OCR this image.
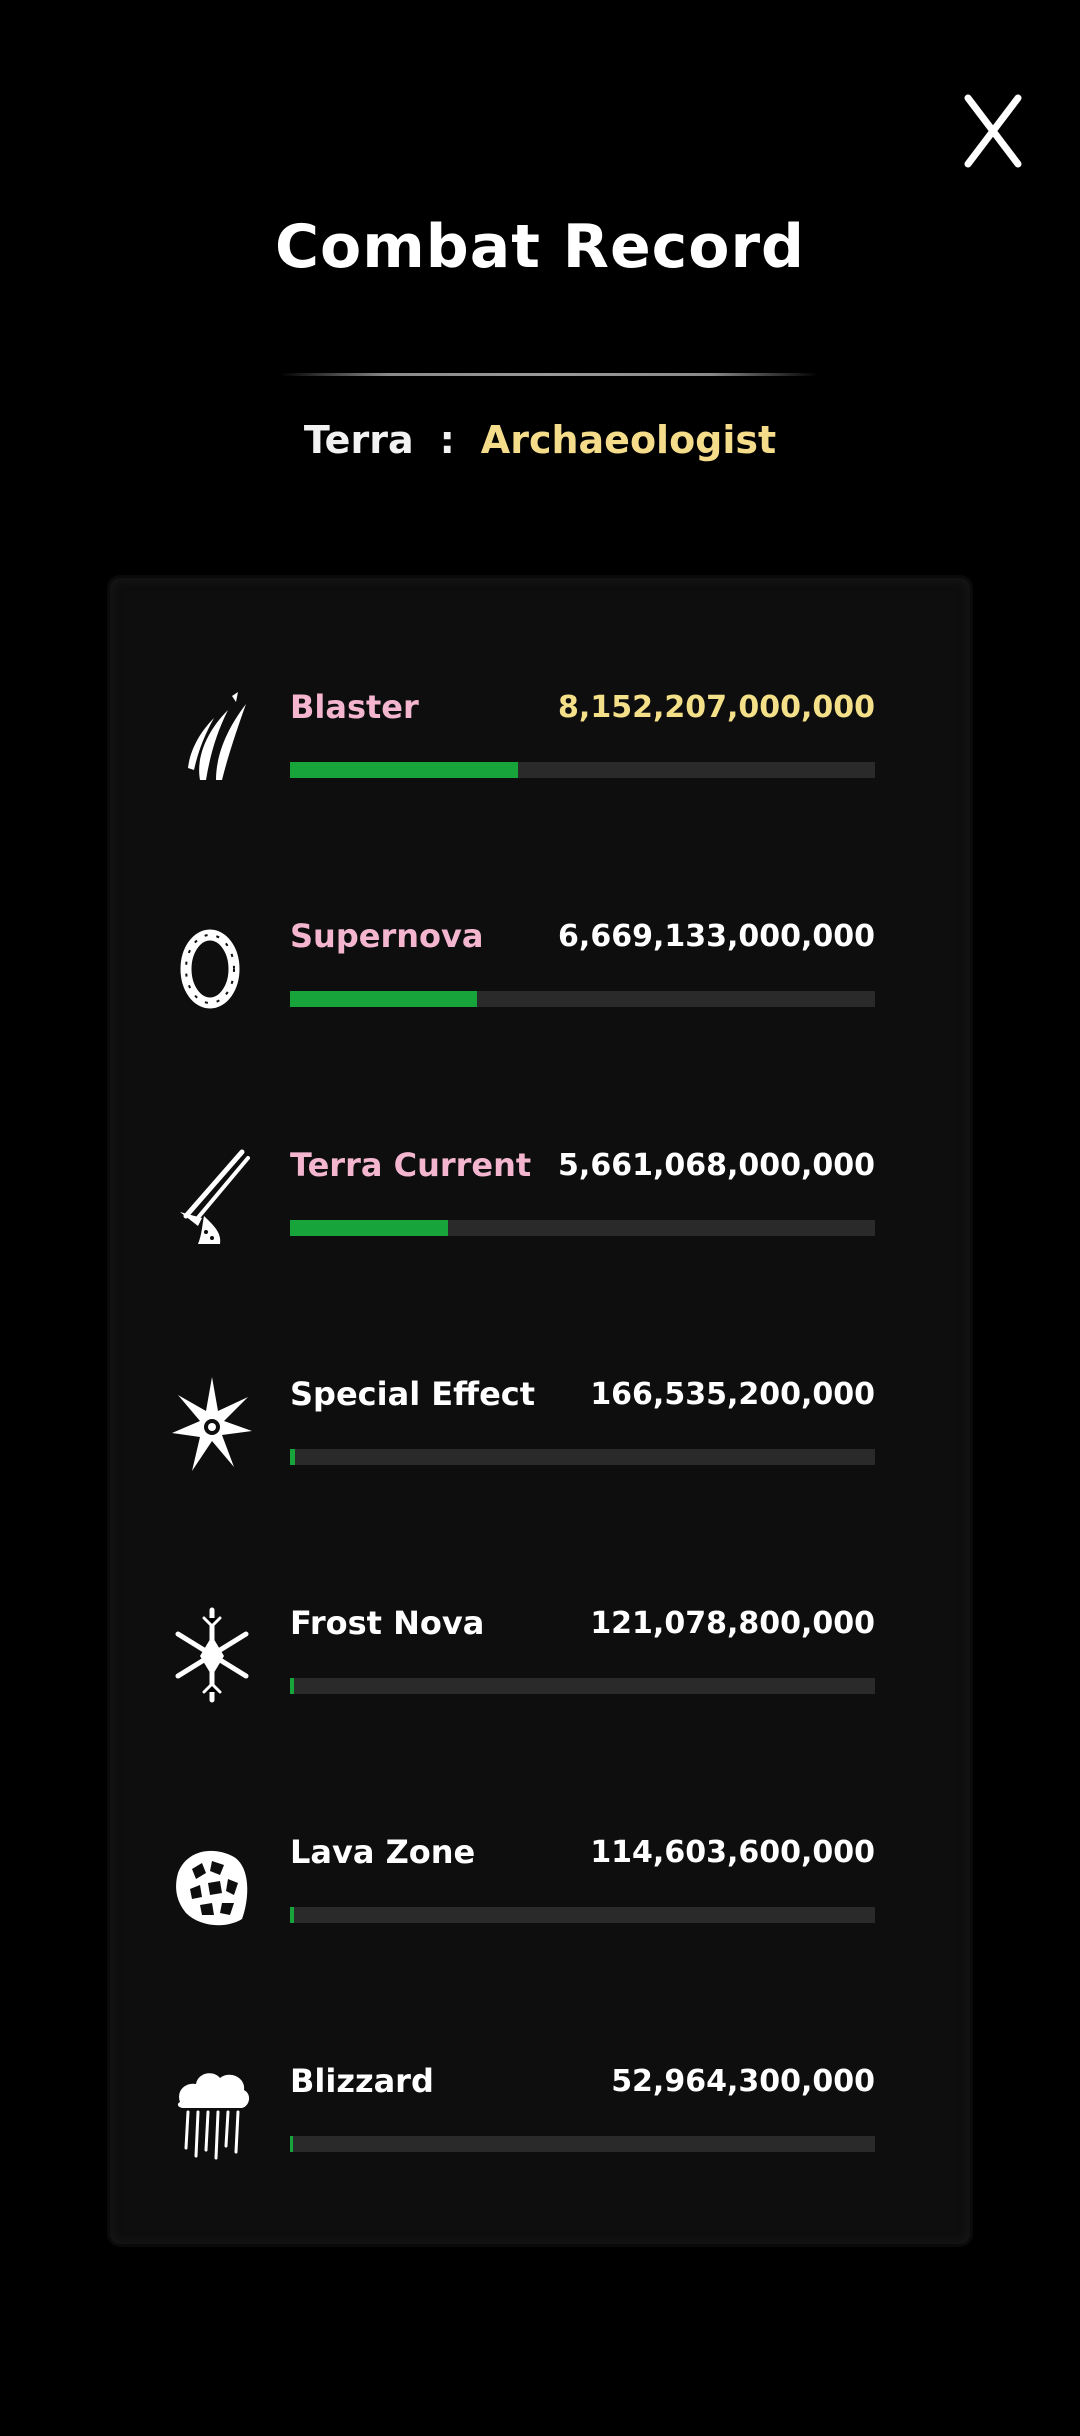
Combat Record
Terra : Archaeologist
Blaster	8,152,207,000,000
Supernova 6,669,133,000,000
Terra Current 5,661,068,000,000
Special Effect 166,535,200,000
Frost Nova	121,078,800,000
Lava Zone	114,603,600,000
Blizzard	52,964,300,000
